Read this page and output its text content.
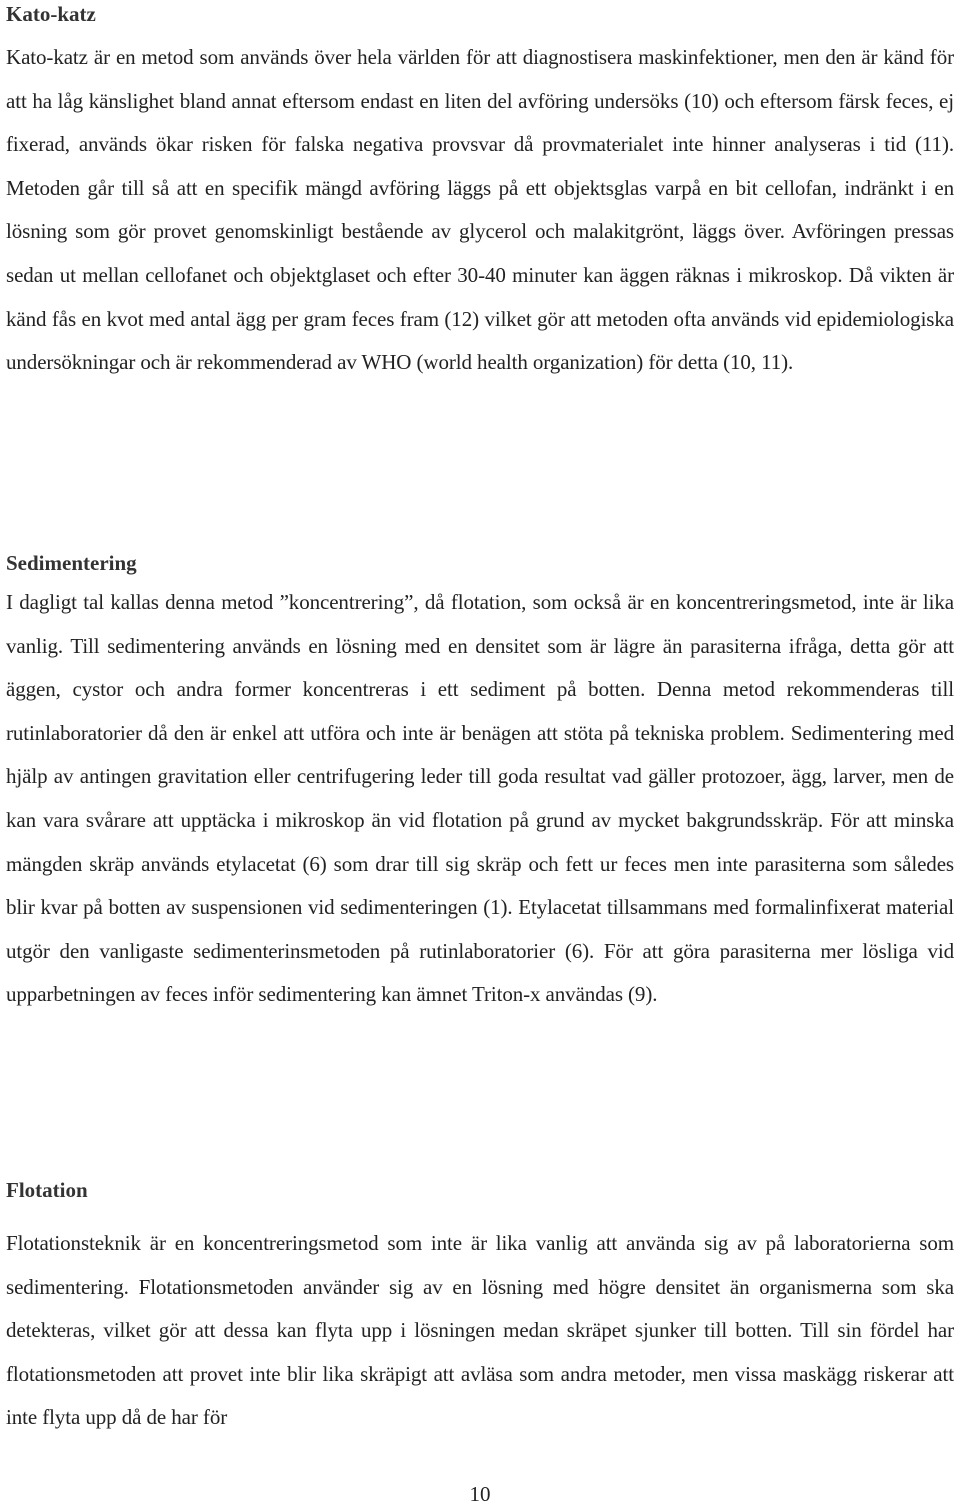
Kato-katz

Kato-katz är en metod som används över hela världen för att diagnostisera maskinfektioner, men den är känd för att ha låg känslighet bland annat eftersom endast en liten del avföring undersöks (10) och eftersom färsk feces, ej fixerad, används ökar risken för falska negativa provsvar då provmaterialet inte hinner analyseras i tid (11). Metoden går till så att en specifik mängd avföring läggs på ett objektsglas varpå en bit cellofan, indränkt i en lösning som gör provet genomskinligt bestående av glycerol och malakitgrönt, läggs över. Avföringen pressas sedan ut mellan cellofanet och objektglaset och efter 30-40 minuter kan äggen räknas i mikroskop. Då vikten är känd fås en kvot med antal ägg per gram feces fram (12) vilket gör att metoden ofta används vid epidemiologiska undersökningar och är rekommenderad av WHO (world health organization) för detta (10, 11).

Sedimentering

I dagligt tal kallas denna metod ”koncentrering”, då flotation, som också är en koncentreringsmetod, inte är lika vanlig. Till sedimentering används en lösning med en densitet som är lägre än parasiterna ifråga, detta gör att äggen, cystor och andra former koncentreras i ett sediment på botten. Denna metod rekommenderas till rutinlaboratorier då den är enkel att utföra och inte är benägen att stöta på tekniska problem. Sedimentering med hjälp av antingen gravitation eller centrifugering leder till goda resultat vad gäller protozoer, ägg, larver, men de kan vara svårare att upptäcka i mikroskop än vid flotation på grund av mycket bakgrundsskräp. För att minska mängden skräp används etylacetat (6) som drar till sig skräp och fett ur feces men inte parasiterna som således blir kvar på botten av suspensionen vid sedimenteringen (1). Etylacetat tillsammans med formalinfixerat material utgör den vanligaste sedimenterinsmetoden på rutinlaboratorier (6). För att göra parasiterna mer lösliga vid upparbetningen av feces inför sedimentering kan ämnet Triton-x användas (9).

Flotation

Flotationsteknik är en koncentreringsmetod som inte är lika vanlig att använda sig av på laboratorierna som sedimentering. Flotationsmetoden använder sig av en lösning med högre densitet än organismerna som ska detekteras, vilket gör att dessa kan flyta upp i lösningen medan skräpet sjunker till botten. Till sin fördel har flotationsmetoden att provet inte blir lika skräpigt att avläsa som andra metoder, men vissa maskägg riskerar att inte flyta upp då de har för

10
